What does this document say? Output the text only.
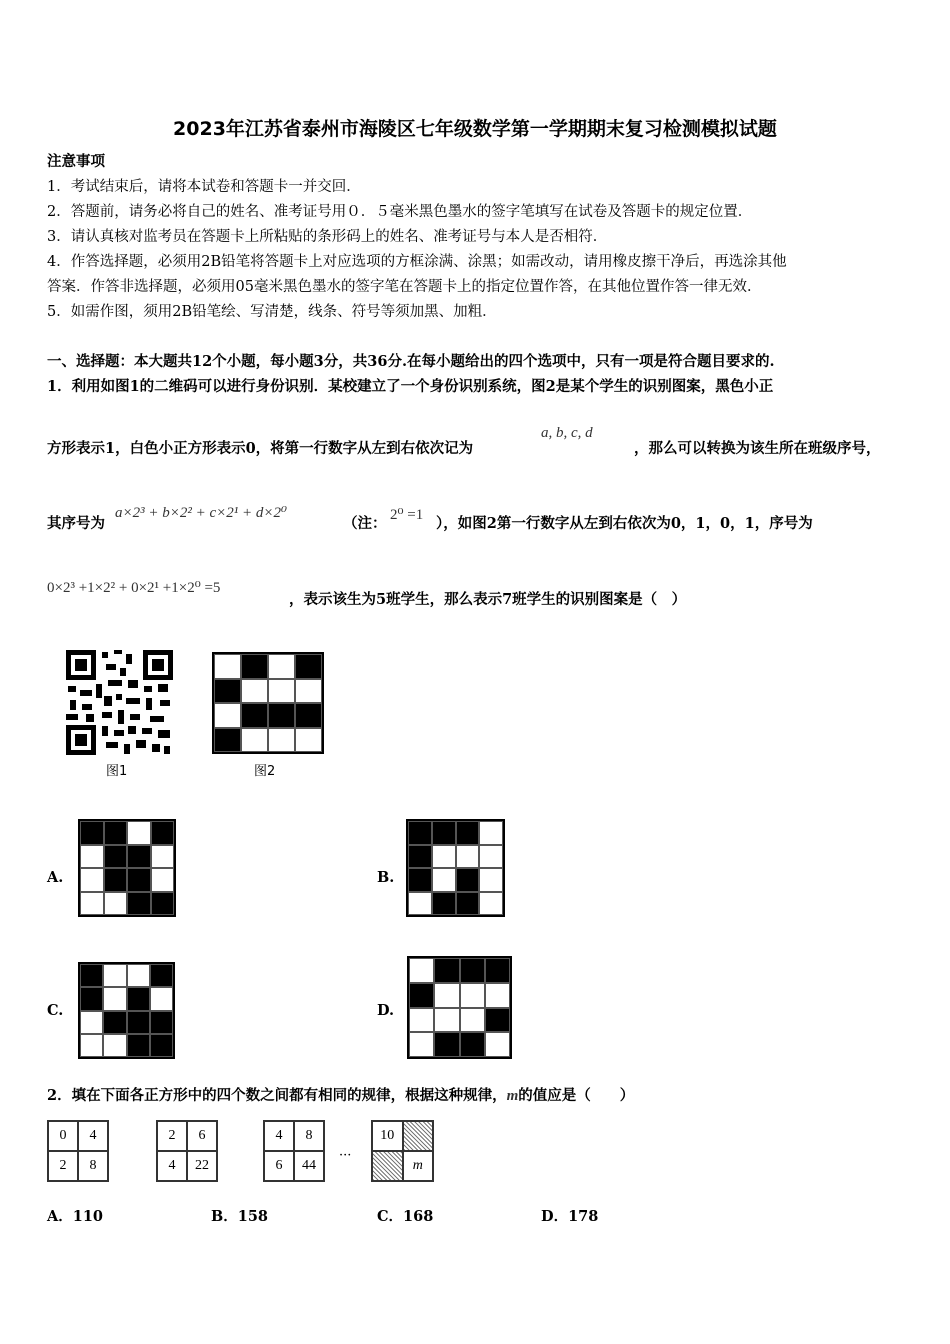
2023年江苏省泰州市海陵区七年级数学第一学期期末复习检测模拟试题
注意事项
1．考试结束后，请将本试卷和答题卡一并交回．
2．答题前，请务必将自己的姓名、准考证号用０．５毫米黑色墨水的签字笔填写在试卷及答题卡的规定位置．
3．请认真核对监考员在答题卡上所粘贴的条形码上的姓名、准考证号与本人是否相符．
4．作答选择题，必须用2B铅笔将答题卡上对应选项的方框涂满、涂黑；如需改动，请用橡皮擦干净后，再选涂其他
答案．作答非选择题，必须用05毫米黑色墨水的签字笔在答题卡上的指定位置作答，在其他位置作答一律无效．
5．如需作图，须用2B铅笔绘、写清楚，线条、符号等须加黑、加粗．
一、选择题：本大题共12个小题，每小题3分，共36分.在每小题给出的四个选项中，只有一项是符合题目要求的.
1．利用如图1的二维码可以进行身份识别．某校建立了一个身份识别系统，图2是某个学生的识别图案，黑色小正
方形表示1，白色小正方形表示0，将第一行数字从左到右依次记为
a, b, c, d
，那么可以转换为该生所在班级序号，
其序号为
a×2³ + b×2² + c×2¹ + d×2⁰
（注： 2⁰ =1 ），如图2第一行数字从左到右依次为0，1，0，1，序号为
0×2³ +1×2² + 0×2¹ +1×2⁰ =5
，表示该生为5班学生，那么表示7班学生的识别图案是（　）
图1	图2
A.	B.
C.	D.
2．填在下面各正方形中的四个数之间都有相同的规律，根据这种规律，m的值应是（　　）
0	4
2	8
2	6
4	22
4	8
6	44
···
10
m
A．110	B．158	C．168	D．178
